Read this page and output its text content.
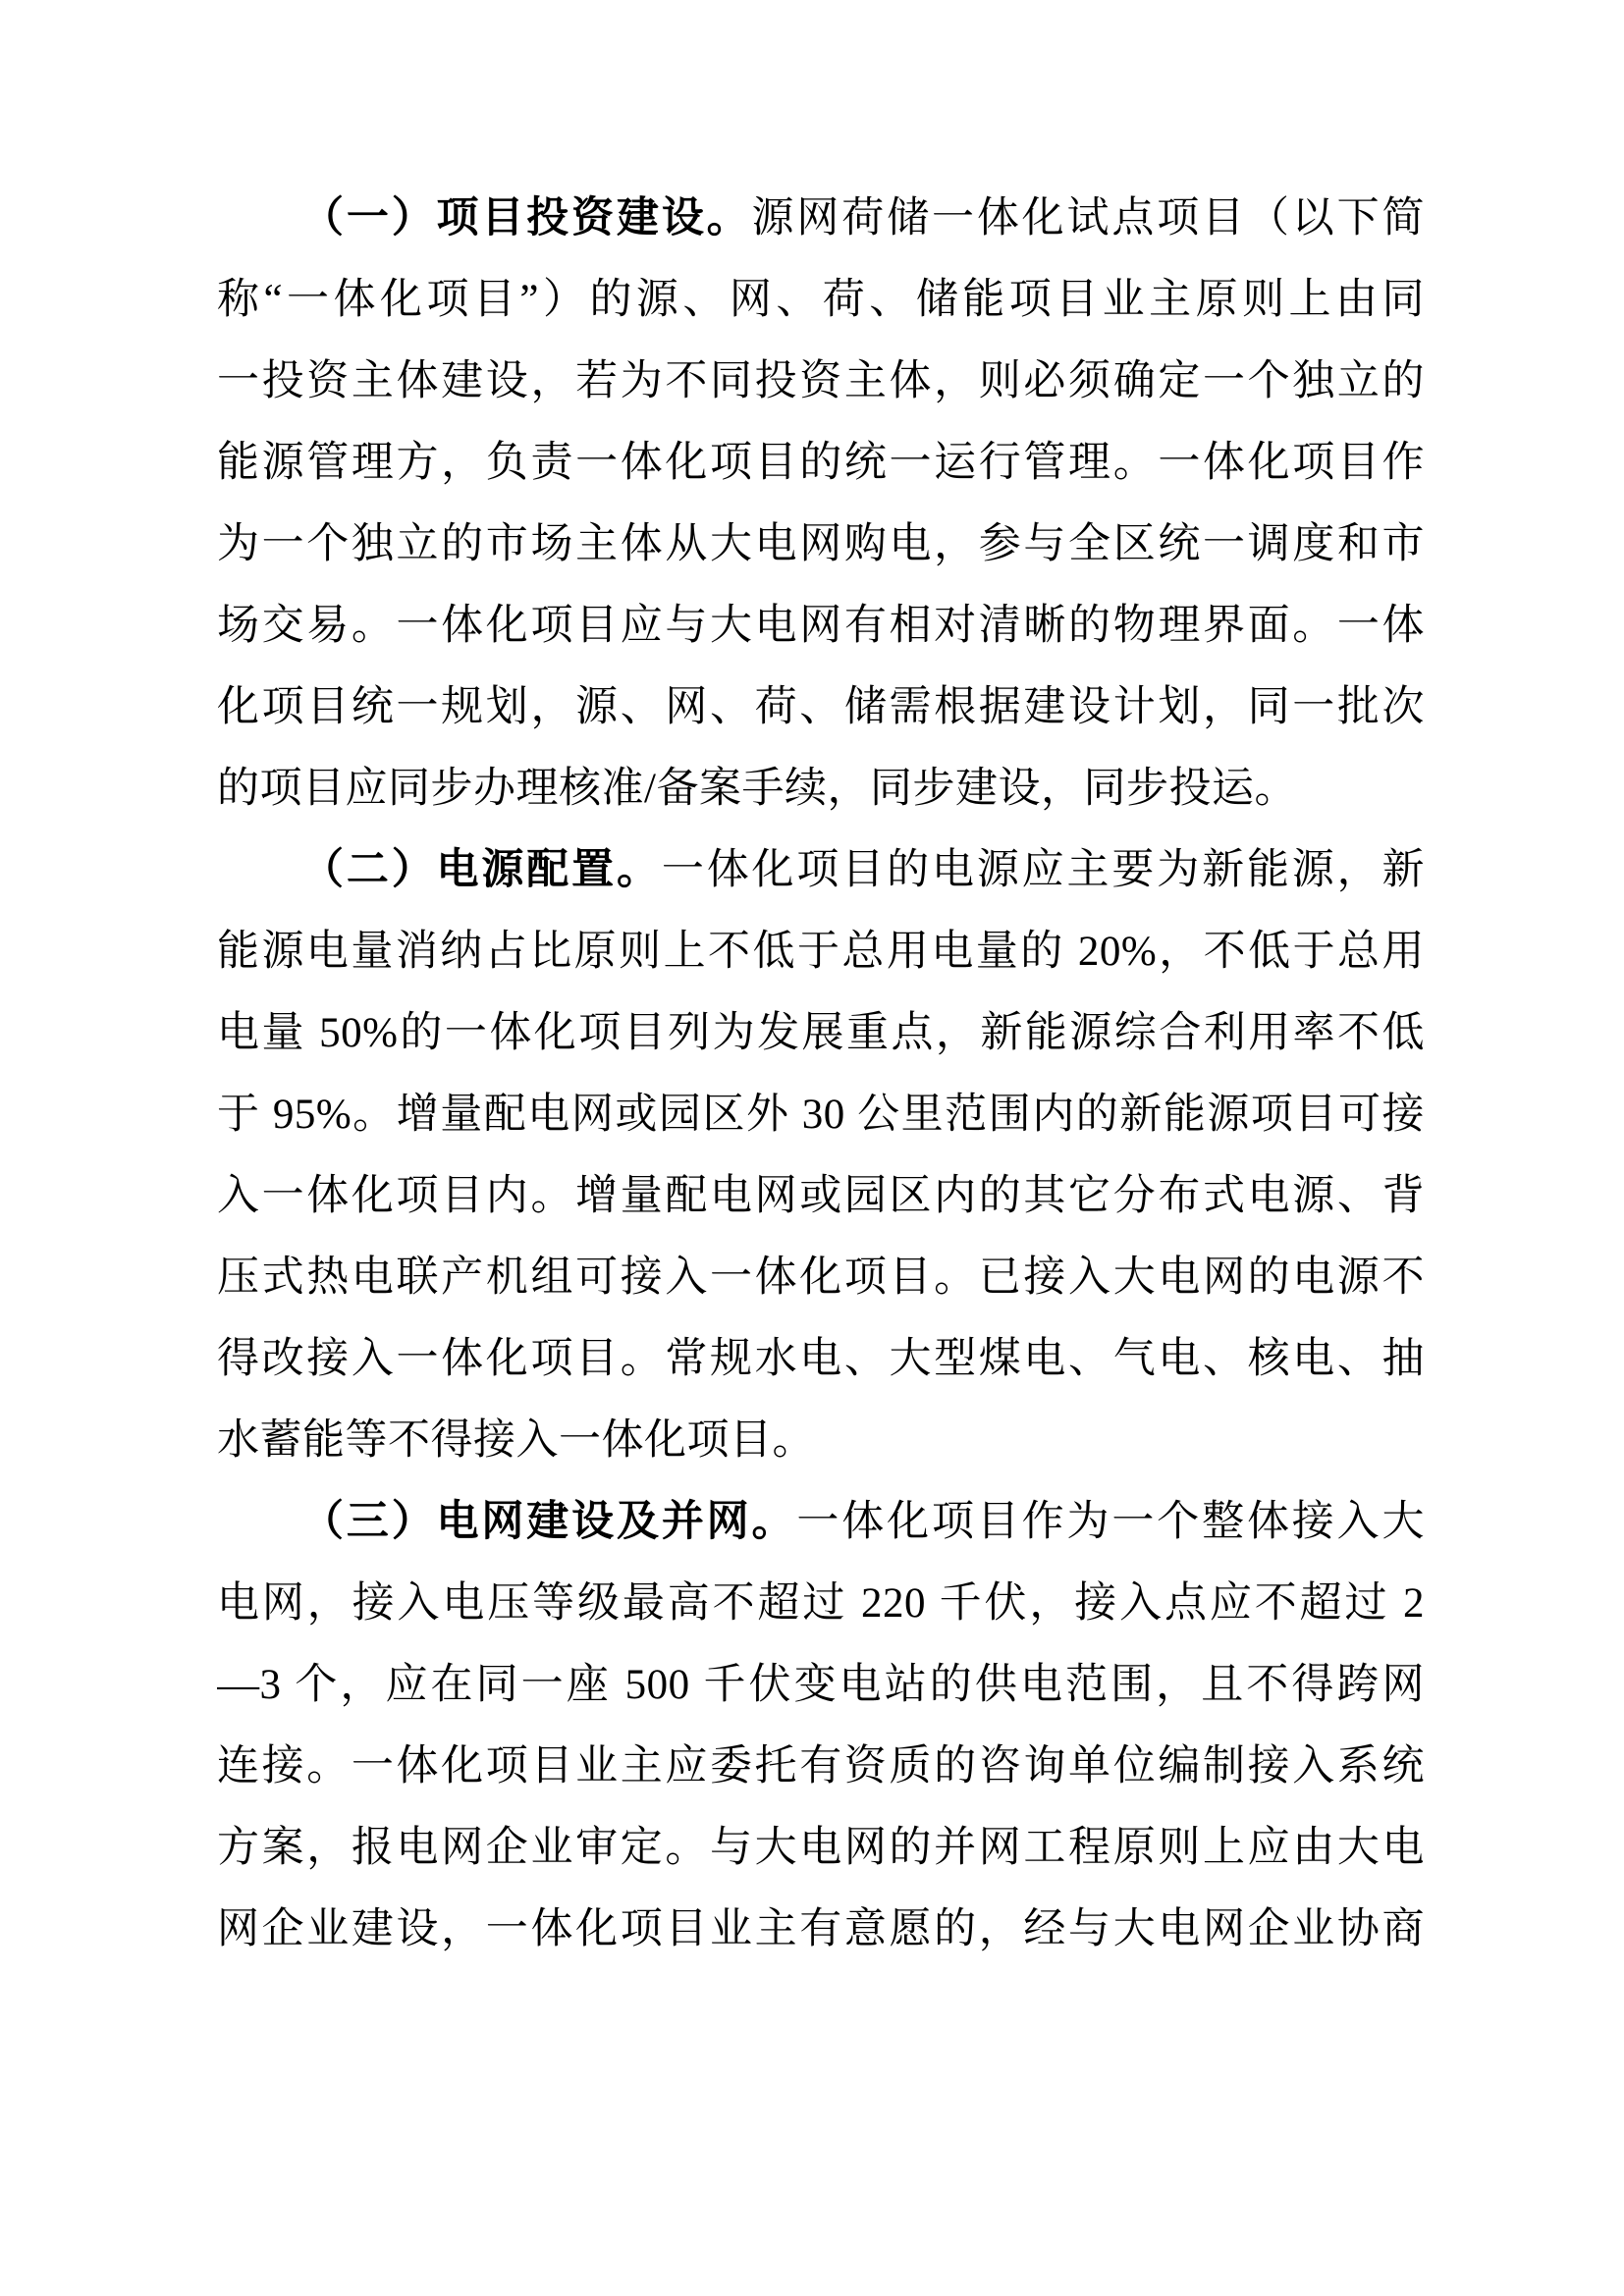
（一）项目投资建设。源网荷储一体化试点项目（以下简
称“一体化项目”）的源、网、荷、储能项目业主原则上由同
一投资主体建设，若为不同投资主体，则必须确定一个独立的
能源管理方，负责一体化项目的统一运行管理。一体化项目作
为一个独立的市场主体从大电网购电，参与全区统一调度和市
场交易。一体化项目应与大电网有相对清晰的物理界面。一体
化项目统一规划，源、网、荷、储需根据建设计划，同一批次
的项目应同步办理核准/备案手续，同步建设，同步投运。
（二）电源配置。一体化项目的电源应主要为新能源，新
能源电量消纳占比原则上不低于总用电量的 20%，不低于总用
电量 50%的一体化项目列为发展重点，新能源综合利用率不低
于 95%。增量配电网或园区外 30 公里范围内的新能源项目可接
入一体化项目内。增量配电网或园区内的其它分布式电源、背
压式热电联产机组可接入一体化项目。已接入大电网的电源不
得改接入一体化项目。常规水电、大型煤电、气电、核电、抽
水蓄能等不得接入一体化项目。
（三）电网建设及并网。一体化项目作为一个整体接入大
电网，接入电压等级最高不超过 220 千伏，接入点应不超过 2
—3 个，应在同一座 500 千伏变电站的供电范围，且不得跨网
连接。一体化项目业主应委托有资质的咨询单位编制接入系统
方案，报电网企业审定。与大电网的并网工程原则上应由大电
网企业建设，一体化项目业主有意愿的，经与大电网企业协商
